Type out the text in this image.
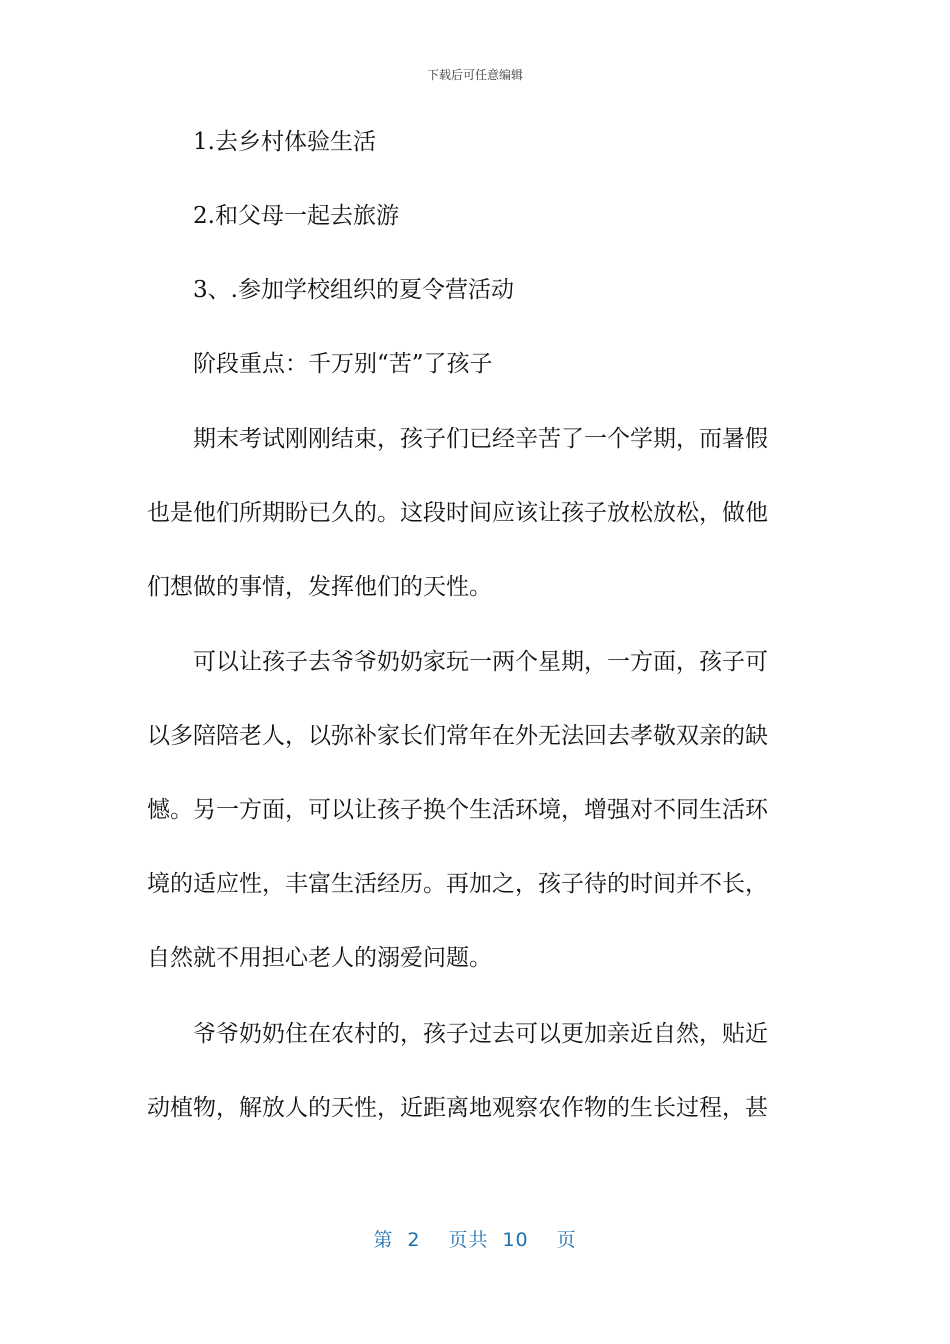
下载后可任意编辑
1.去乡村体验生活
2.和父母一起去旅游
3、.参加学校组织的夏令营活动
阶段重点：千万别“苦”了孩子
期末考试刚刚结束，孩子们已经辛苦了一个学期，而暑假
也是他们所期盼已久的。这段时间应该让孩子放松放松，做他
们想做的事情，发挥他们的天性。
可以让孩子去爷爷奶奶家玩一两个星期，一方面，孩子可
以多陪陪老人，以弥补家长们常年在外无法回去孝敬双亲的缺
憾。另一方面，可以让孩子换个生活环境，增强对不同生活环
境的适应性，丰富生活经历。再加之，孩子待的时间并不长，
自然就不用担心老人的溺爱问题。
爷爷奶奶住在农村的，孩子过去可以更加亲近自然，贴近
动植物，解放人的天性，近距离地观察农作物的生长过程，甚
第 2 页共 10 页
